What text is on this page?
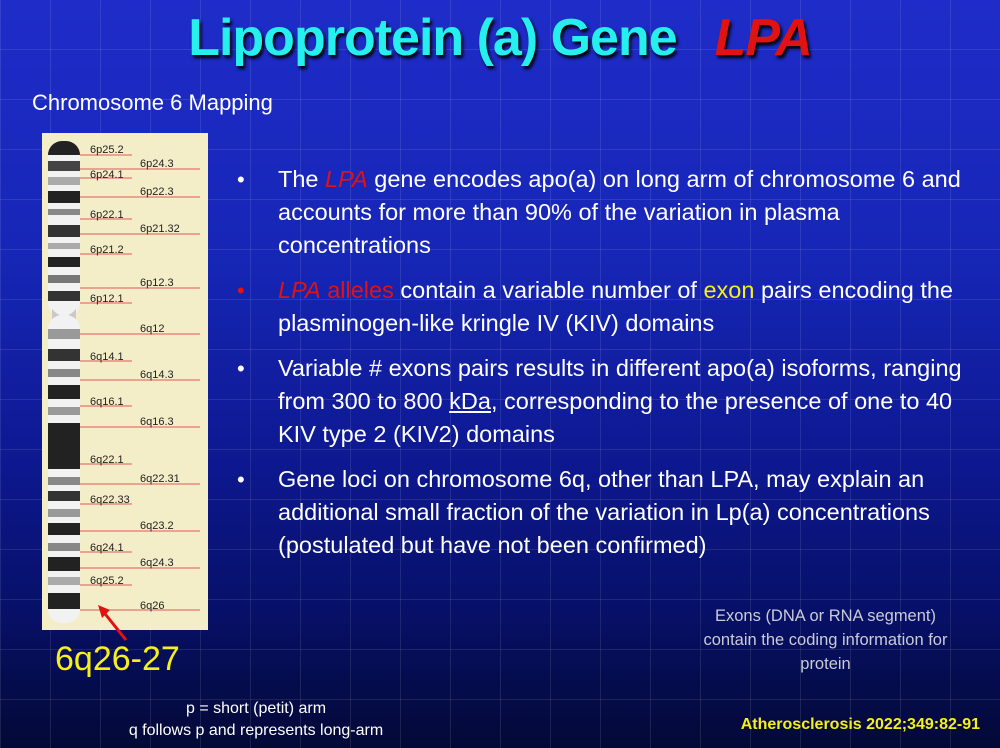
Lipoprotein (a) Gene LPA
Chromosome 6 Mapping
6p25.2
6p24.1
6p22.1
6p21.2
6p12.1
6q14.1
6q16.1
6q22.1
6q22.33
6q24.1
6q25.2
6p24.3
6p22.3
6p21.32
6p12.3
6q12
6q14.3
6q16.3
6q22.31
6q23.2
6q24.3
6q26
6q26-27
• The LPA gene encodes apo(a) on long arm of chromosome 6 and accounts for more than 90% of the variation in plasma concentrations
• LPA alleles contain a variable number of exon pairs encoding the plasminogen-like kringle IV (KIV) domains
• Variable # exons pairs results in different apo(a) isoforms, ranging from 300 to 800 kDa, corresponding to the presence of one to 40 KIV type 2 (KIV2) domains
• Gene loci on chromosome 6q, other than LPA, may explain an additional small fraction of the variation in Lp(a) concentrations (postulated but have not been confirmed)
Exons (DNA or RNA segment) contain the coding information for protein
p = short (petit) arm
q follows p and represents long-arm	Atherosclerosis 2022;349:82-91
